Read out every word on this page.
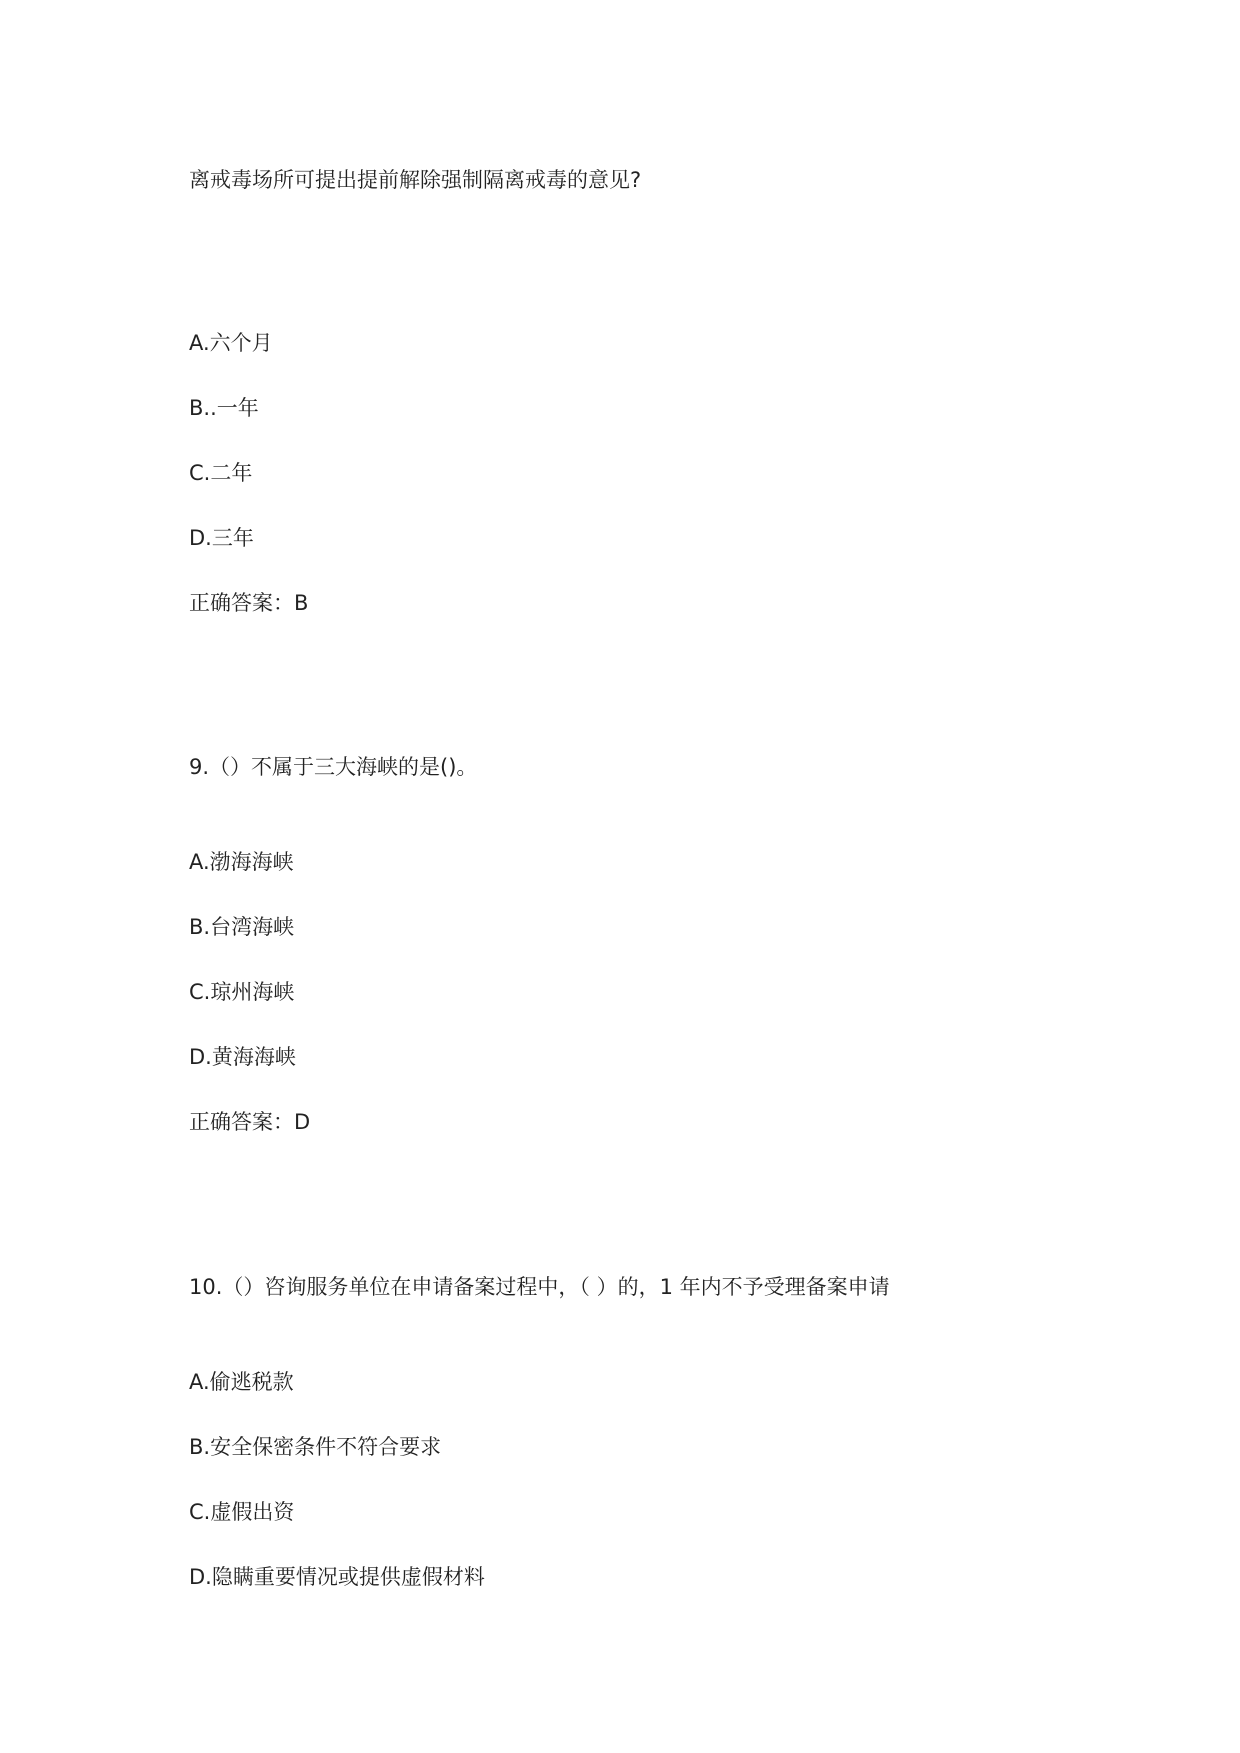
离戒毒场所可提出提前解除强制隔离戒毒的意见?
A.六个月
B..一年
C.二年
D.三年
正确答案：B
9.（）不属于三大海峡的是()。
A.渤海海峡
B.台湾海峡
C.琼州海峡
D.黄海海峡
正确答案：D
10.（）咨询服务单位在申请备案过程中，（ ）的，1 年内不予受理备案申请
A.偷逃税款
B.安全保密条件不符合要求
C.虚假出资
D.隐瞒重要情况或提供虚假材料
